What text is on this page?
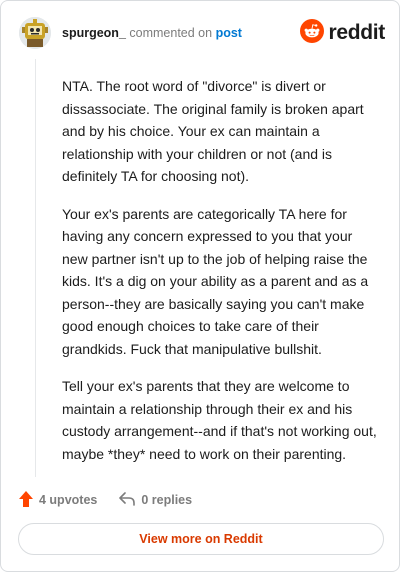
spurgeon_ commented on post	reddit

NTA. The root word of "divorce" is divert or dissassociate. The original family is broken apart and by his choice. Your ex can maintain a relationship with your children or not (and is definitely TA for choosing not).

Your ex's parents are categorically TA here for having any concern expressed to you that your new partner isn't up to the job of helping raise the kids. It's a dig on your ability as a parent and as a person--they are basically saying you can't make good enough choices to take care of their grandkids. Fuck that manipulative bullshit.

Tell your ex's parents that they are welcome to maintain a relationship through their ex and his custody arrangement--and if that's not working out, maybe *they* need to work on their parenting.

4 upvotes	0 replies
View more on Reddit
